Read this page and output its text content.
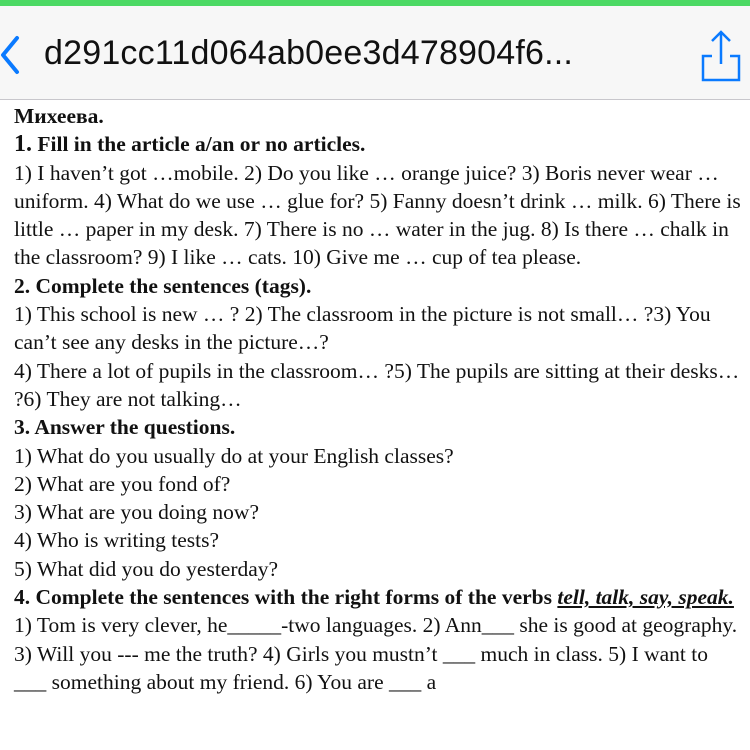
d291cc11d064ab0ee3d478904f6...
Михеева.
1. Fill in the article a/an or no articles.
1) I haven’t got …mobile. 2) Do you like … orange juice? 3) Boris never wear … uniform. 4) What do we use … glue for? 5) Fanny doesn’t drink … milk. 6) There is little … paper in my desk. 7) There is no … water in the jug. 8) Is there … chalk in the classroom? 9) I like … cats. 10) Give me … cup of tea please.
2. Complete the sentences (tags).
1) This school is new … ? 2) The classroom in the picture is not small… ?3) You can’t see any desks in the picture…?
4) There a lot of pupils in the classroom… ?5) The pupils are sitting at their desks… ?6) They are not talking…
3. Answer the questions.
1) What do you usually do at your English classes?
2) What are you fond of?
3) What are you doing now?
4) Who is writing tests?
5) What did you do yesterday?
4. Complete the sentences with the right forms of the verbs tell, talk, say, speak.
1) Tom is very clever, he_____-two languages. 2) Ann___ she is good at geography. 3) Will you --- me the truth? 4) Girls you mustn’t ___ much in class. 5) I want to ___ something about my friend. 6) You are ___ a
